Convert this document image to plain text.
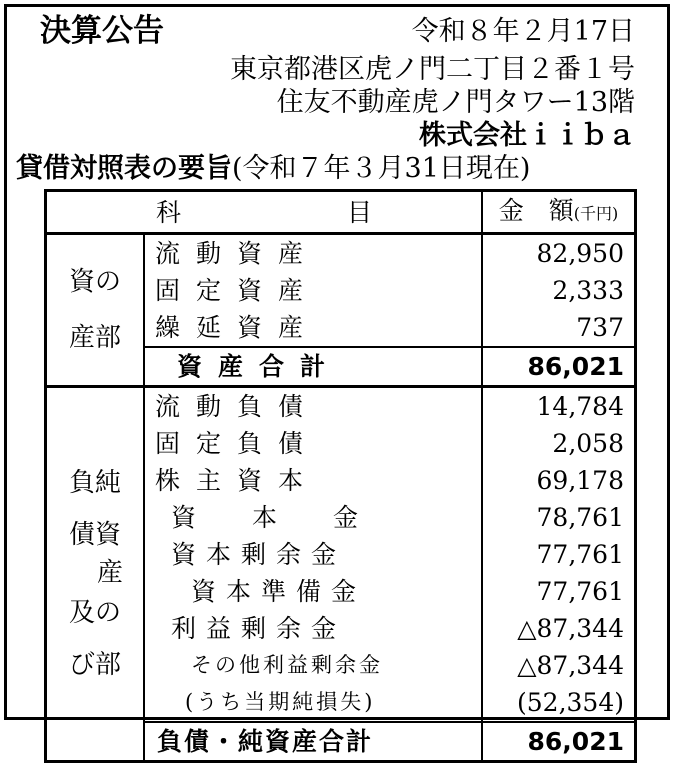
決算公告	令和８年２月17日
東京都港区虎ノ門二丁目２番１号
住友不動産虎ノ門タワー13階
株式会社ｉｉｂａ
貸借対照表の要旨(令和７年３月31日現在)
科 目		金　額(千円)
資の
産部	流動資産	82,950
	固定資産	2,333
	繰延資産	737
	資産合計	86,021
負純
債資
産
及の
び部	流動負債	14,784
	固定負債	2,058
	株主資本	69,178
	資本金	78,761
	資本剰余金	77,761
	資本準備金	77,761
	利益剰余金	△87,344
	その他利益剰余金	△87,344
	(うち当期純損失)	(52,354)
	負債・純資産合計	86,021
